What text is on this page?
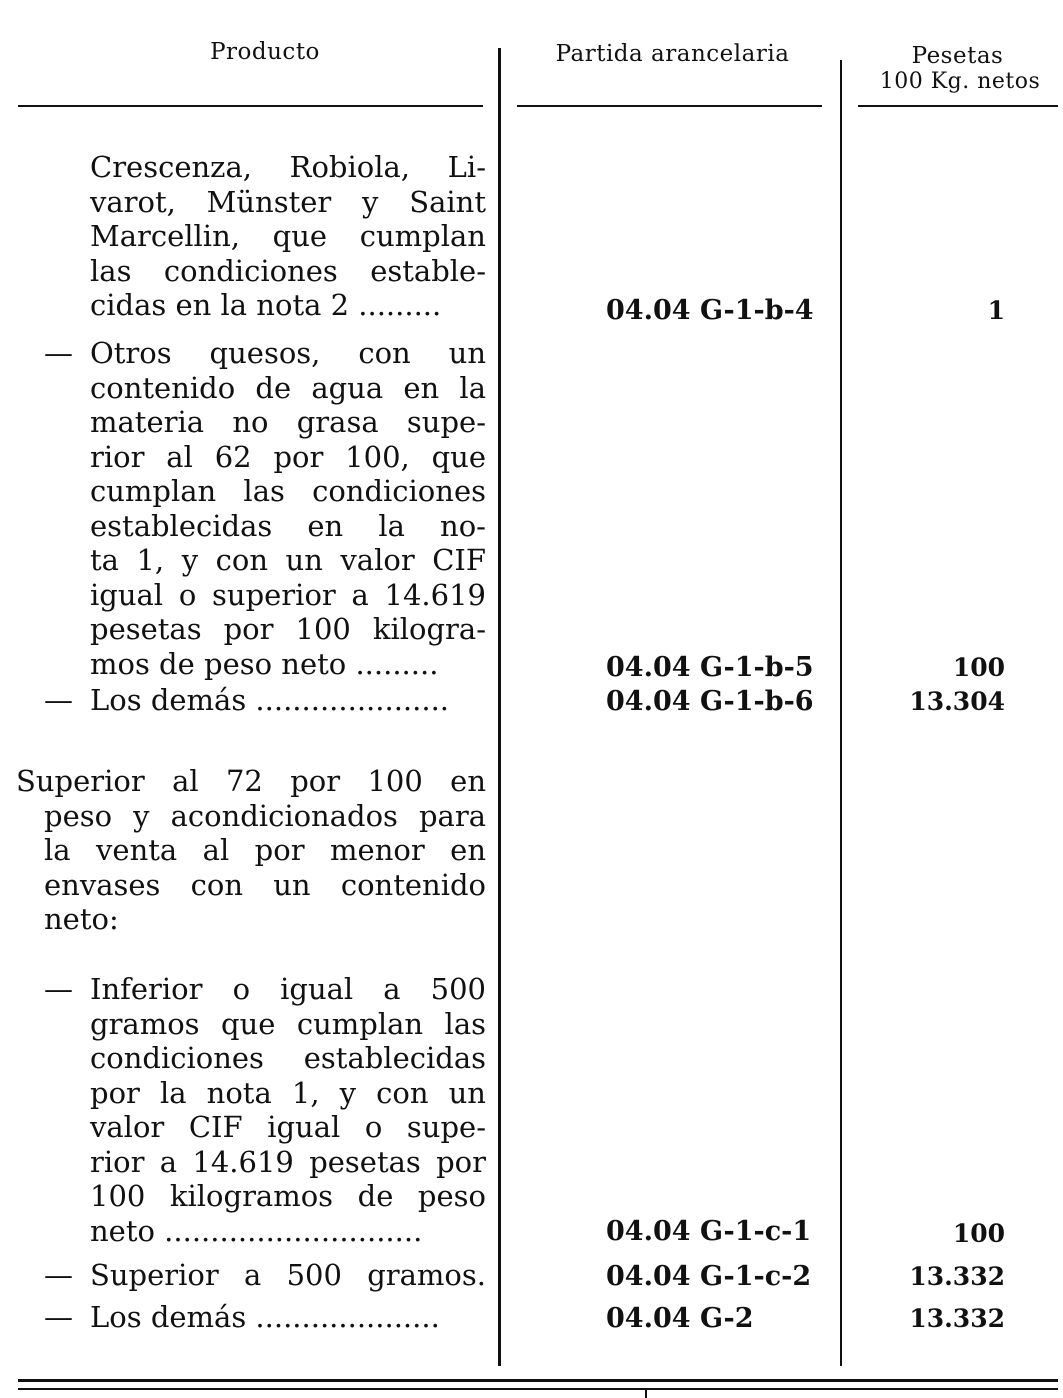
Producto	Partida arancelaria	Pesetas
100 Kg. netos
Crescenza, Robiola, Li-
varot, Münster y Saint
Marcellin, que cumplan
las condiciones estable-
cidas en la nota 2 .........	04.04 G-1-b-4	1
— Otros quesos, con un
contenido de agua en la
materia no grasa supe-
rior al 62 por 100, que
cumplan las condiciones
establecidas en la no-
ta 1, y con un valor CIF
igual o superior a 14.619
pesetas por 100 kilogra-
mos de peso neto .........	04.04 G-1-b-5	100
— Los demás .....................	04.04 G-1-b-6	13.304
Superior al 72 por 100 en
peso y acondicionados para
la venta al por menor en
envases con un contenido
neto:
— Inferior o igual a 500
gramos que cumplan las
condiciones establecidas
por la nota 1, y con un
valor CIF igual o supe-
rior a 14.619 pesetas por
100 kilogramos de peso
neto ............................	04.04 G-1-c-1	100
— Superior a 500 gramos.	04.04 G-1-c-2	13.332
— Los demás ....................	04.04 G-2	13.332
